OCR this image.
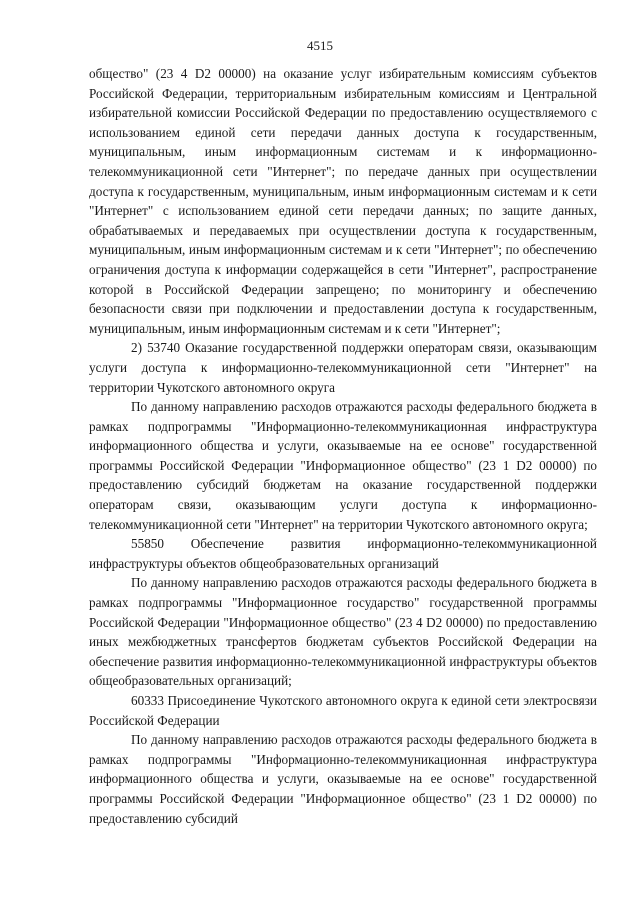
4515

общество" (23 4 D2 00000) на оказание услуг избирательным комиссиям субъектов Российской Федерации, территориальным избирательным комиссиям и Центральной избирательной комиссии Российской Федерации по предоставлению осуществляемого с использованием единой сети передачи данных доступа к государственным, муниципальным, иным информационным системам и к информационно-телекоммуникационной сети "Интернет"; по передаче данных при осуществлении доступа к государственным, муниципальным, иным информационным системам и к сети "Интернет" с использованием единой сети передачи данных; по защите данных, обрабатываемых и передаваемых при осуществлении доступа к государственным, муниципальным, иным информационным системам и к сети "Интернет"; по обеспечению ограничения доступа к информации содержащейся в сети "Интернет", распространение которой в Российской Федерации запрещено; по мониторингу и обеспечению безопасности связи при подключении и предоставлении доступа к государственным, муниципальным, иным информационным системам и к сети "Интернет";

2) 53740 Оказание государственной поддержки операторам связи, оказывающим услуги доступа к информационно-телекоммуникационной сети "Интернет" на территории Чукотского автономного округа

По данному направлению расходов отражаются расходы федерального бюджета в рамках подпрограммы "Информационно-телекоммуникационная инфраструктура информационного общества и услуги, оказываемые на ее основе" государственной программы Российской Федерации "Информационное общество" (23 1 D2 00000) по предоставлению субсидий бюджетам на оказание государственной поддержки операторам связи, оказывающим услуги доступа к информационно-телекоммуникационной сети "Интернет" на территории Чукотского автономного округа;

55850 Обеспечение развития информационно-телекоммуникационной инфраструктуры объектов общеобразовательных организаций

По данному направлению расходов отражаются расходы федерального бюджета в рамках подпрограммы "Информационное государство" государственной программы Российской Федерации "Информационное общество" (23 4 D2 00000) по предоставлению иных межбюджетных трансфертов бюджетам субъектов Российской Федерации на обеспечение развития информационно-телекоммуникационной инфраструктуры объектов общеобразовательных организаций;

60333 Присоединение Чукотского автономного округа к единой сети электросвязи Российской Федерации

По данному направлению расходов отражаются расходы федерального бюджета в рамках подпрограммы "Информационно-телекоммуникационная инфраструктура информационного общества и услуги, оказываемые на ее основе" государственной программы Российской Федерации "Информационное общество" (23 1 D2 00000) по предоставлению субсидий
